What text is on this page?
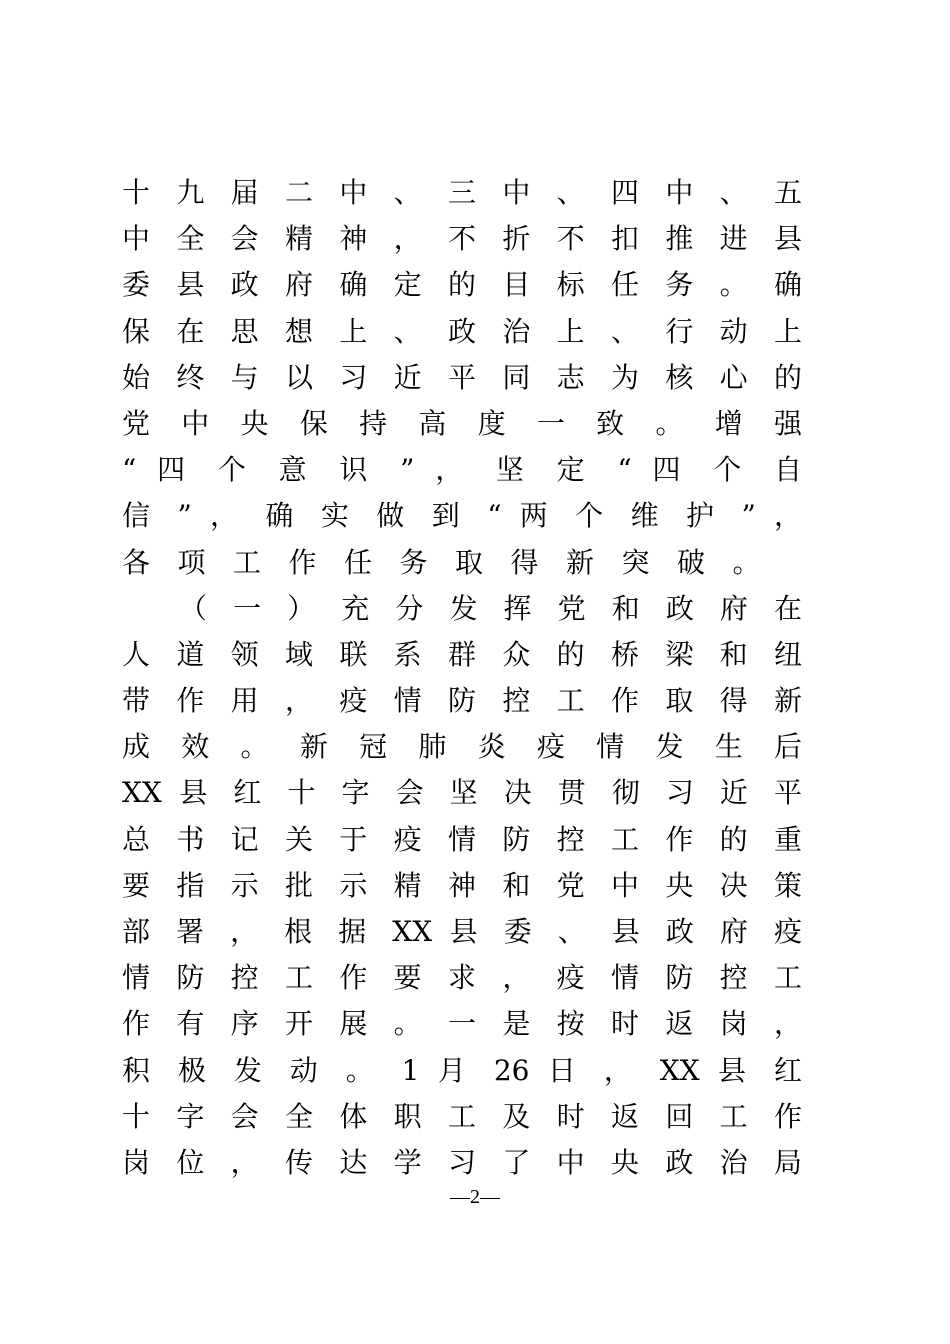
十 九 届 二 中 、 三 中 、 四 中 、 五
中 全 会 精 神 ， 不 折 不 扣 推 进 县
委 县 政 府 确 定 的 目 标 任 务 。 确
保 在 思 想 上 、 政 治 上 、 行 动 上
始 终 与 以 习 近 平 同 志 为 核 心 的
党 中 央 保 持 高 度 一 致 。 增 强
“ 四 个 意 识 ” ， 坚 定 “ 四 个 自
信 ” ， 确 实 做 到 “ 两 个 维 护 ” ，
各项工作任务取得新突破。
（ 一 ） 充 分 发 挥 党 和 政 府 在
人 道 领 域 联 系 群 众 的 桥 梁 和 纽
带 作 用 ， 疫 情 防 控 工 作 取 得 新
成 效 。 新 冠 肺 炎 疫 情 发 生 后
XX 县 红 十 字 会 坚 决 贯 彻 习 近 平
总 书 记 关 于 疫 情 防 控 工 作 的 重
要 指 示 批 示 精 神 和 党 中 央 决 策
部 署 ， 根 据 XX 县 委 、 县 政 府 疫
情 防 控 工 作 要 求 ， 疫 情 防 控 工
作 有 序 开 展 。 一 是 按 时 返 岗 ，
积 极 发 动 。 1 月 26 日 ， XX 县 红
十 字 会 全 体 职 工 及 时 返 回 工 作
岗 位 ， 传 达 学 习 了 中 央 政 治 局
—2—
